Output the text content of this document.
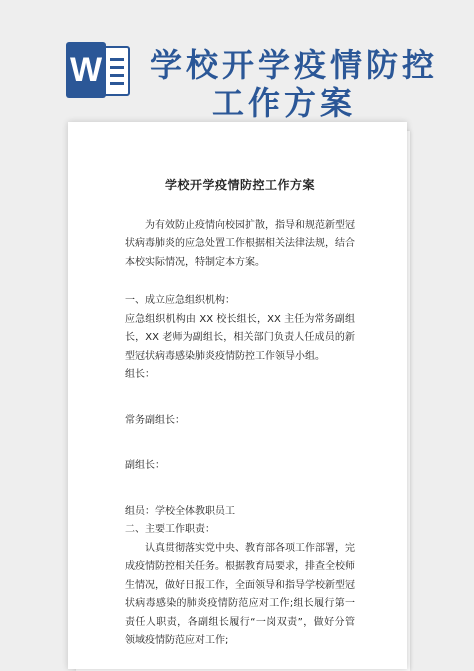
W 学校开学疫情防控
工作方案
学校开学疫情防控工作方案

为有效防止疫情向校园扩散，指导和规范新型冠状病毒肺炎的应急处置工作根据相关法律法规，结合本校实际情况，特制定本方案。

一、成立应急组织机构：

应急组织机构由 XX 校长组长，XX 主任为常务副组长，XX 老师为副组长，相关部门负责人任成员的新型冠状病毒感染肺炎疫情防控工作领导小组。

组长：

常务副组长：

副组长：

组员：学校全体教职员工

二、主要工作职责：

认真贯彻落实党中央、教育部各项工作部署，完成疫情防控相关任务。根据教育局要求，排查全校师生情况，做好日报工作，全面领导和指导学校新型冠状病毒感染的肺炎疫情防范应对工作;组长履行第一责任人职责，各副组长履行“一岗双责”，做好分管领域疫情防范应对工作;
